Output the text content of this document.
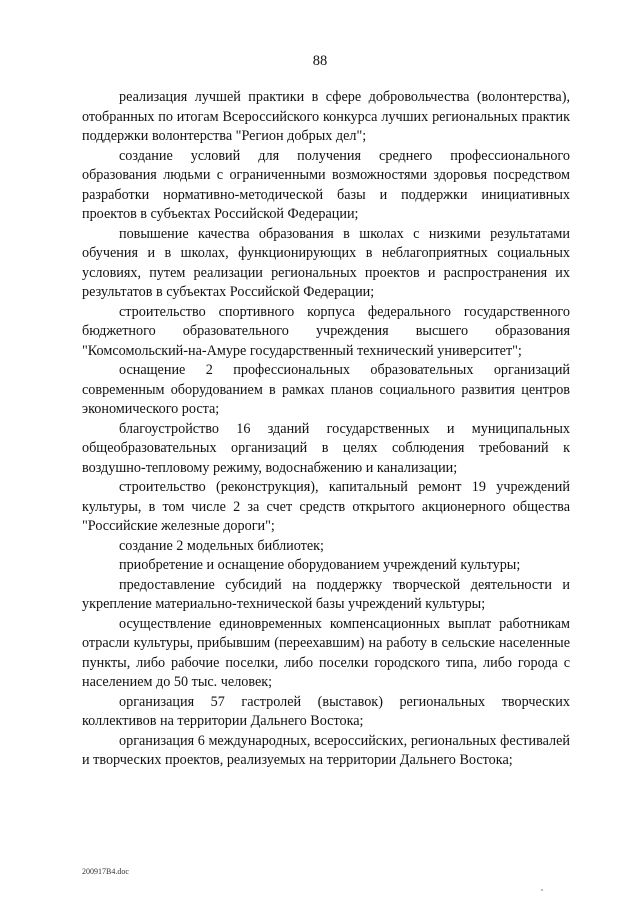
88

реализация лучшей практики в сфере добровольчества (волонтерства), отобранных по итогам Всероссийского конкурса лучших региональных практик поддержки волонтерства "Регион добрых дел";

создание условий для получения среднего профессионального образования людьми с ограниченными возможностями здоровья посредством разработки нормативно-методической базы и поддержки инициативных проектов в субъектах Российской Федерации;

повышение качества образования в школах с низкими результатами обучения и в школах, функционирующих в неблагоприятных социальных условиях, путем реализации региональных проектов и распространения их результатов в субъектах Российской Федерации;

строительство спортивного корпуса федерального государственного бюджетного образовательного учреждения высшего образования "Комсомольский-на-Амуре государственный технический университет";

оснащение 2 профессиональных образовательных организаций современным оборудованием в рамках планов социального развития центров экономического роста;

благоустройство 16 зданий государственных и муниципальных общеобразовательных организаций в целях соблюдения требований к воздушно-тепловому режиму, водоснабжению и канализации;

строительство (реконструкция), капитальный ремонт 19 учреждений культуры, в том числе 2 за счет средств открытого акционерного общества "Российские железные дороги";

создание 2 модельных библиотек;

приобретение и оснащение оборудованием учреждений культуры;

предоставление субсидий на поддержку творческой деятельности и укрепление материально-технической базы учреждений культуры;

осуществление единовременных компенсационных выплат работникам отрасли культуры, прибывшим (переехавшим) на работу в сельские населенные пункты, либо рабочие поселки, либо поселки городского типа, либо города с населением до 50 тыс. человек;

организация 57 гастролей (выставок) региональных творческих коллективов на территории Дальнего Востока;

организация 6 международных, всероссийских, региональных фестивалей и творческих проектов, реализуемых на территории Дальнего Востока;

200917В4.doc
